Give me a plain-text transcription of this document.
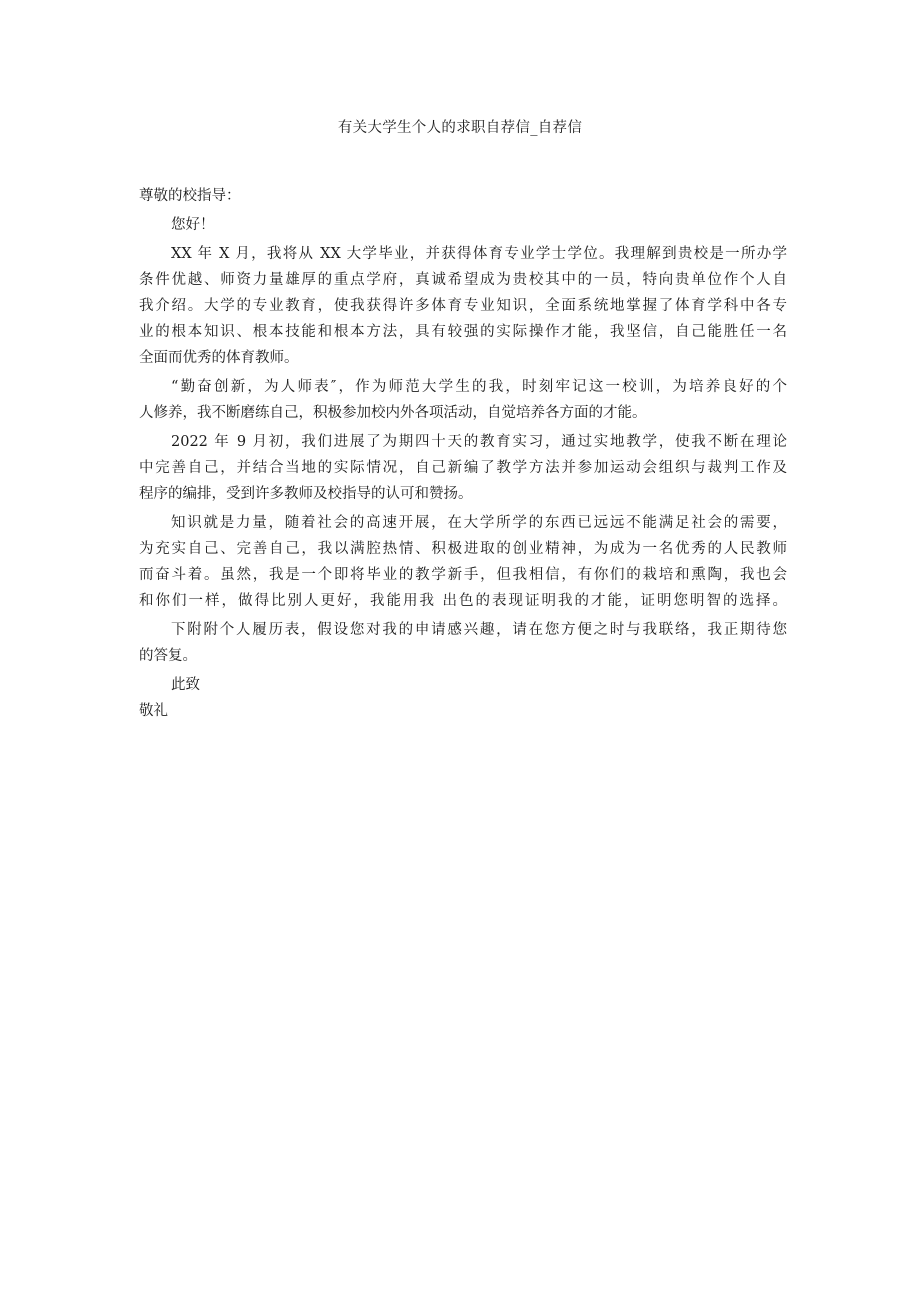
有关大学生个人的求职自荐信_自荐信
尊敬的校指导：
您好！
XX 年 X 月，我将从 XX 大学毕业，并获得体育专业学士学位。我理解到贵校是一所办学
条件优越、师资力量雄厚的重点学府，真诚希望成为贵校其中的一员，特向贵单位作个人自
我介绍。大学的专业教育，使我获得许多体育专业知识，全面系统地掌握了体育学科中各专
业的根本知识、根本技能和根本方法，具有较强的实际操作才能，我坚信，自己能胜任一名
全面而优秀的体育教师。
“勤奋创新，为人师表″，作为师范大学生的我，时刻牢记这一校训，为培养良好的个
人修养，我不断磨练自己，积极参加校内外各项活动，自觉培养各方面的才能。
2022 年 9 月初，我们进展了为期四十天的教育实习，通过实地教学，使我不断在理论
中完善自己，并结合当地的实际情况，自己新编了教学方法并参加运动会组织与裁判工作及
程序的编排，受到许多教师及校指导的认可和赞扬。
知识就是力量，随着社会的高速开展，在大学所学的东西已远远不能满足社会的需要，
为充实自己、完善自己，我以满腔热情、积极进取的创业精神，为成为一名优秀的人民教师
而奋斗着。虽然，我是一个即将毕业的教学新手，但我相信，有你们的栽培和熏陶，我也会
和你们一样，做得比别人更好，我能用我 出色的表现证明我的才能，证明您明智的选择。
下附附个人履历表，假设您对我的申请感兴趣，请在您方便之时与我联络，我正期待您
的答复。
此致
敬礼
